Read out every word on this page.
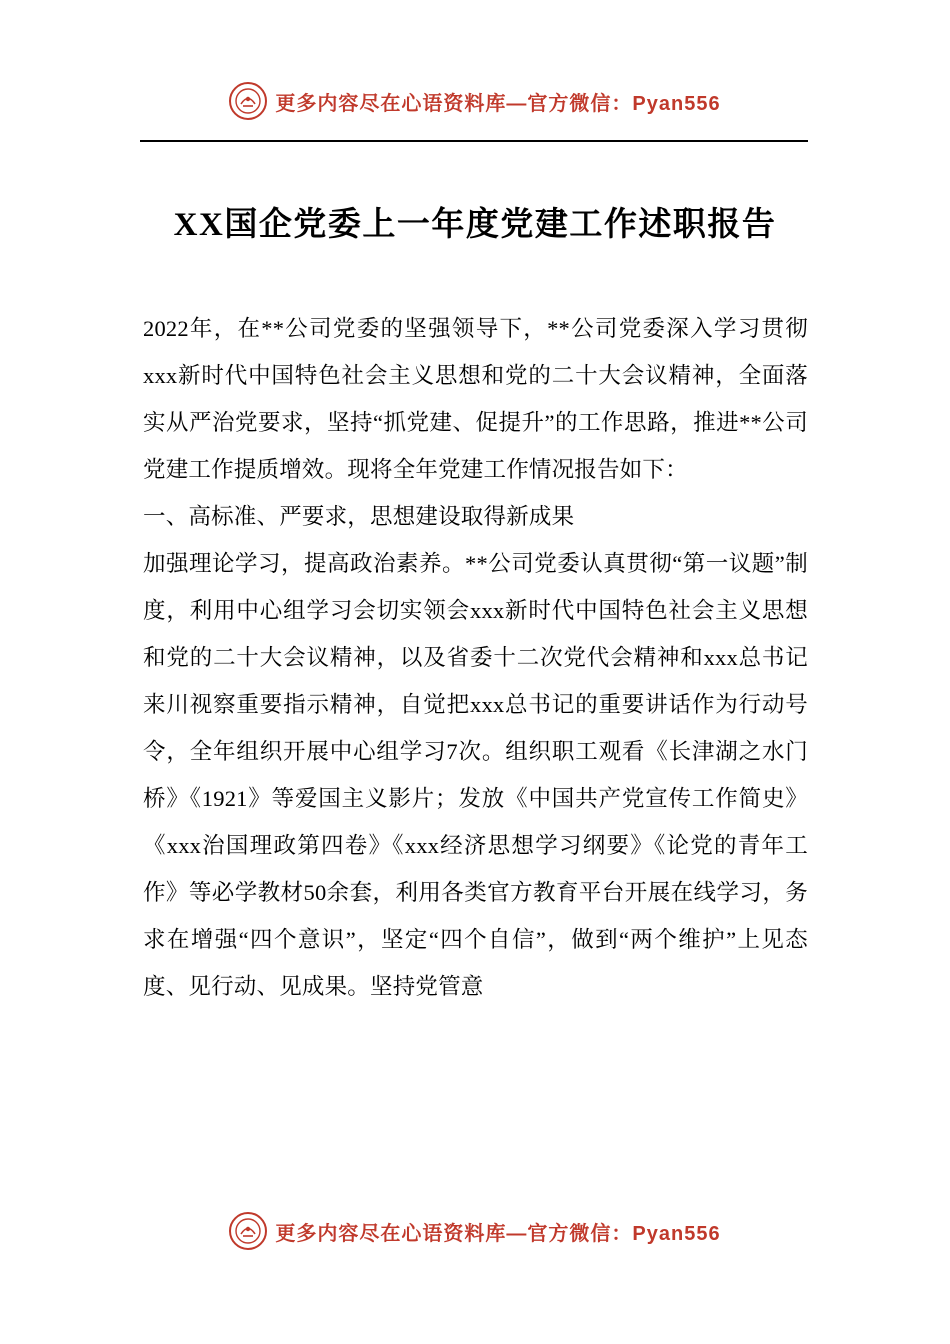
更多内容尽在心语资料库—官方微信：Pyan556
XX国企党委上一年度党建工作述职报告

2022年，在**公司党委的坚强领导下，**公司党委深入学习贯彻xxx新时代中国特色社会主义思想和党的二十大会议精神，全面落实从严治党要求，坚持“抓党建、促提升”的工作思路，推进**公司党建工作提质增效。现将全年党建工作情况报告如下：

一、高标准、严要求，思想建设取得新成果

加强理论学习，提高政治素养。**公司党委认真贯彻“第一议题”制度，利用中心组学习会切实领会xxx新时代中国特色社会主义思想和党的二十大会议精神，以及省委十二次党代会精神和xxx总书记来川视察重要指示精神，自觉把xxx总书记的重要讲话作为行动号令，全年组织开展中心组学习7次。组织职工观看《长津湖之水门桥》《1921》等爱国主义影片；发放《中国共产党宣传工作简史》《xxx治国理政第四卷》《xxx经济思想学习纲要》《论党的青年工作》等必学教材50余套，利用各类官方教育平台开展在线学习，务求在增强“四个意识”，坚定“四个自信”，做到“两个维护”上见态度、见行动、见成果。坚持党管意

更多内容尽在心语资料库—官方微信：Pyan556
